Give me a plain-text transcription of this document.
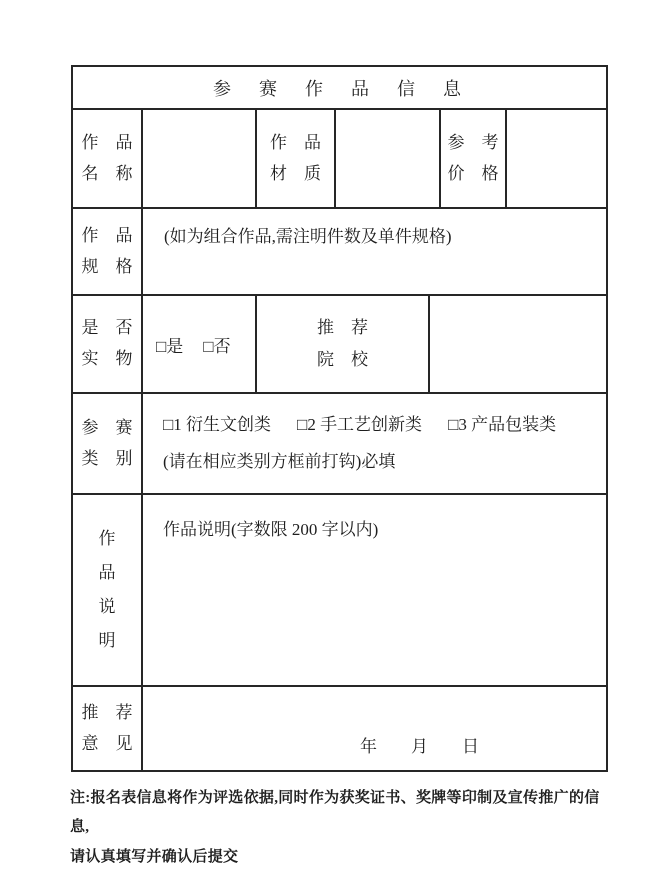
参　赛　作　品　信　息
作　品
名　称
作　品
材　质
参　考
价　格
作　品
规　格
(如为组合作品,需注明件数及单件规格)
是　否
实　物
□是 □否
推　荐
院　校
参　赛
类　别
□1 衍生文创类 □2 手工艺创新类 □3 产品包装类
(请在相应类别方框前打钩)必填
作
品
说
明
作品说明(字数限 200 字以内)
推　荐
意　见	年　　月　　日
注:报名表信息将作为评选依据,同时作为获奖证书、奖牌等印制及宣传推广的信息,
请认真填写并确认后提交
